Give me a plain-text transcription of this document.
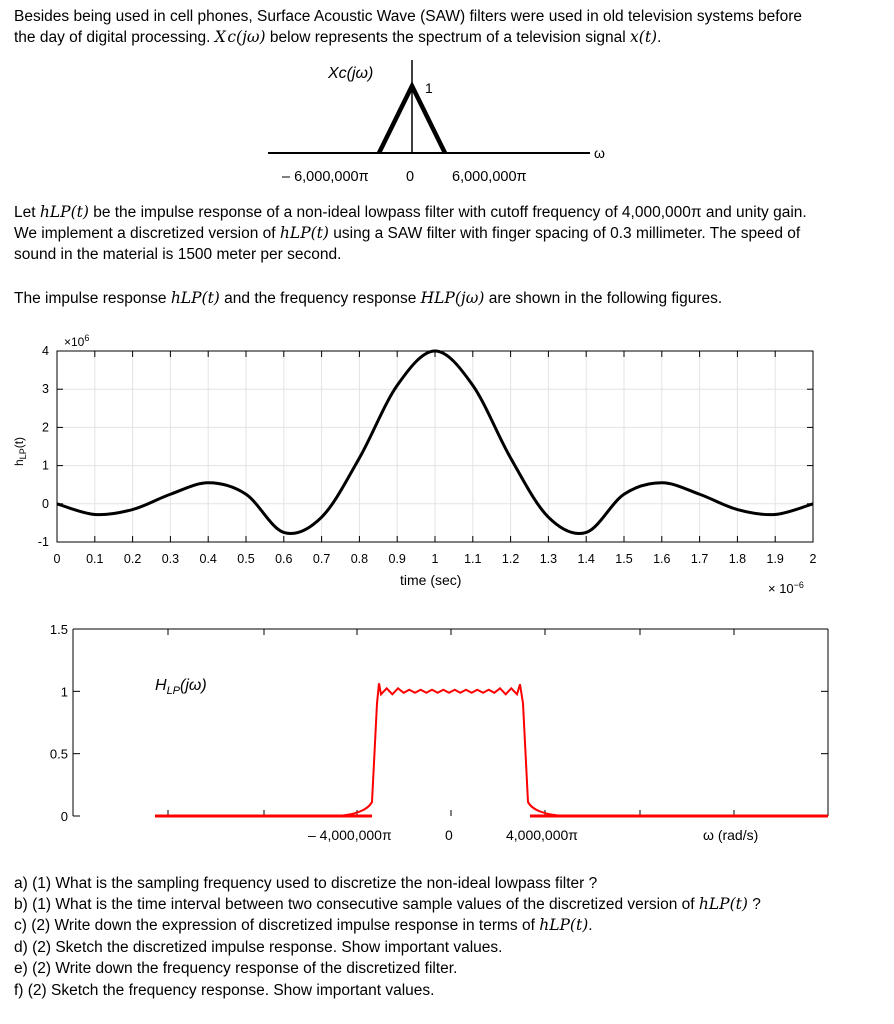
Besides being used in cell phones, Surface Acoustic Wave (SAW) filters were used in old television systems before
the day of digital processing. X c(jω) below represents the spectrum of a television signal x(t).
Xc(jω)
1
ω
– 6,000,000π	0	6,000,000π
Let hLP(t) be the impulse response of a non-ideal lowpass filter with cutoff frequency of 4,000,000π and unity gain.
We implement a discretized version of hLP(t) using a SAW filter with finger spacing of 0.3 millimeter. The speed of
sound in the material is 1500 meter per second.
The impulse response hLP(t) and the frequency response HLP(jω) are shown in the following figures.
0 0.1 0.2 0.3 0.4 0.5 0.6 0.7 0.8 0.9 1 1.1 1.2 1.3 1.4 1.5 1.6 1.7 1.8 1.9 2
-1
0
1
2
3
4
$\times 10^6$
time (sec)
× $10^{-6}$
$h_{LP}(t)$
0
0.5
1
1.5
$H_{LP}(j\omega)$
– 4,000,000π	0	4,000,000π	ω (rad/s)
a) (1) What is the sampling frequency used to discretize the non-ideal lowpass filter ?
b) (1) What is the time interval between two consecutive sample values of the discretized version of hLP(t) ?
c) (2) Write down the expression of discretized impulse response in terms of hLP(t).
d) (2) Sketch the discretized impulse response. Show important values.
e) (2) Write down the frequency response of the discretized filter.
f) (2) Sketch the frequency response. Show important values.
